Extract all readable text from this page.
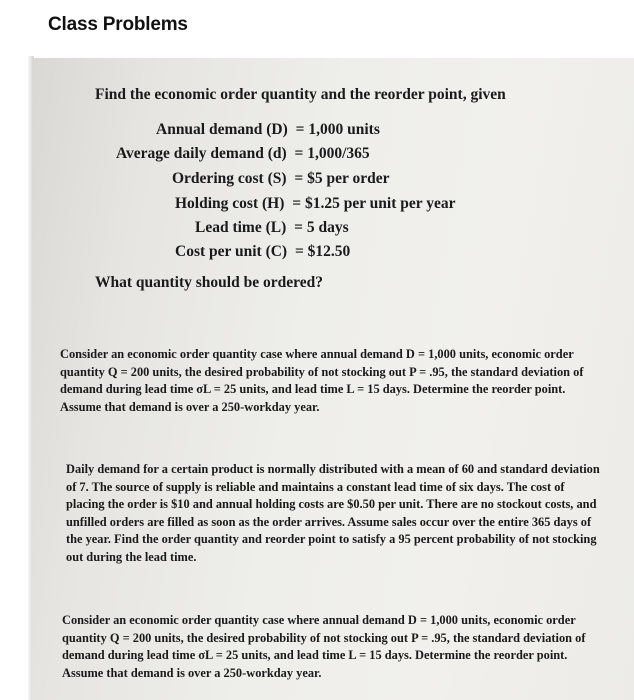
Class Problems
Find the economic order quantity and the reorder point, given
Annual demand (D) = 1,000 units
Average daily demand (d) = 1,000/365
Ordering cost (S) = $5 per order
Holding cost (H) = $1.25 per unit per year
Lead time (L) = 5 days
Cost per unit (C) = $12.50
What quantity should be ordered?
Consider an economic order quantity case where annual demand D = 1,000 units, economic order
quantity Q = 200 units, the desired probability of not stocking out P = .95, the standard deviation of
demand during lead time σL = 25 units, and lead time L = 15 days. Determine the reorder point.
Assume that demand is over a 250-workday year.
Daily demand for a certain product is normally distributed with a mean of 60 and standard deviation
of 7. The source of supply is reliable and maintains a constant lead time of six days. The cost of
placing the order is $10 and annual holding costs are $0.50 per unit. There are no stockout costs, and
unfilled orders are filled as soon as the order arrives. Assume sales occur over the entire 365 days of
the year. Find the order quantity and reorder point to satisfy a 95 percent probability of not stocking
out during the lead time.
Consider an economic order quantity case where annual demand D = 1,000 units, economic order
quantity Q = 200 units, the desired probability of not stocking out P = .95, the standard deviation of
demand during lead time σL = 25 units, and lead time L = 15 days. Determine the reorder point.
Assume that demand is over a 250-workday year.
